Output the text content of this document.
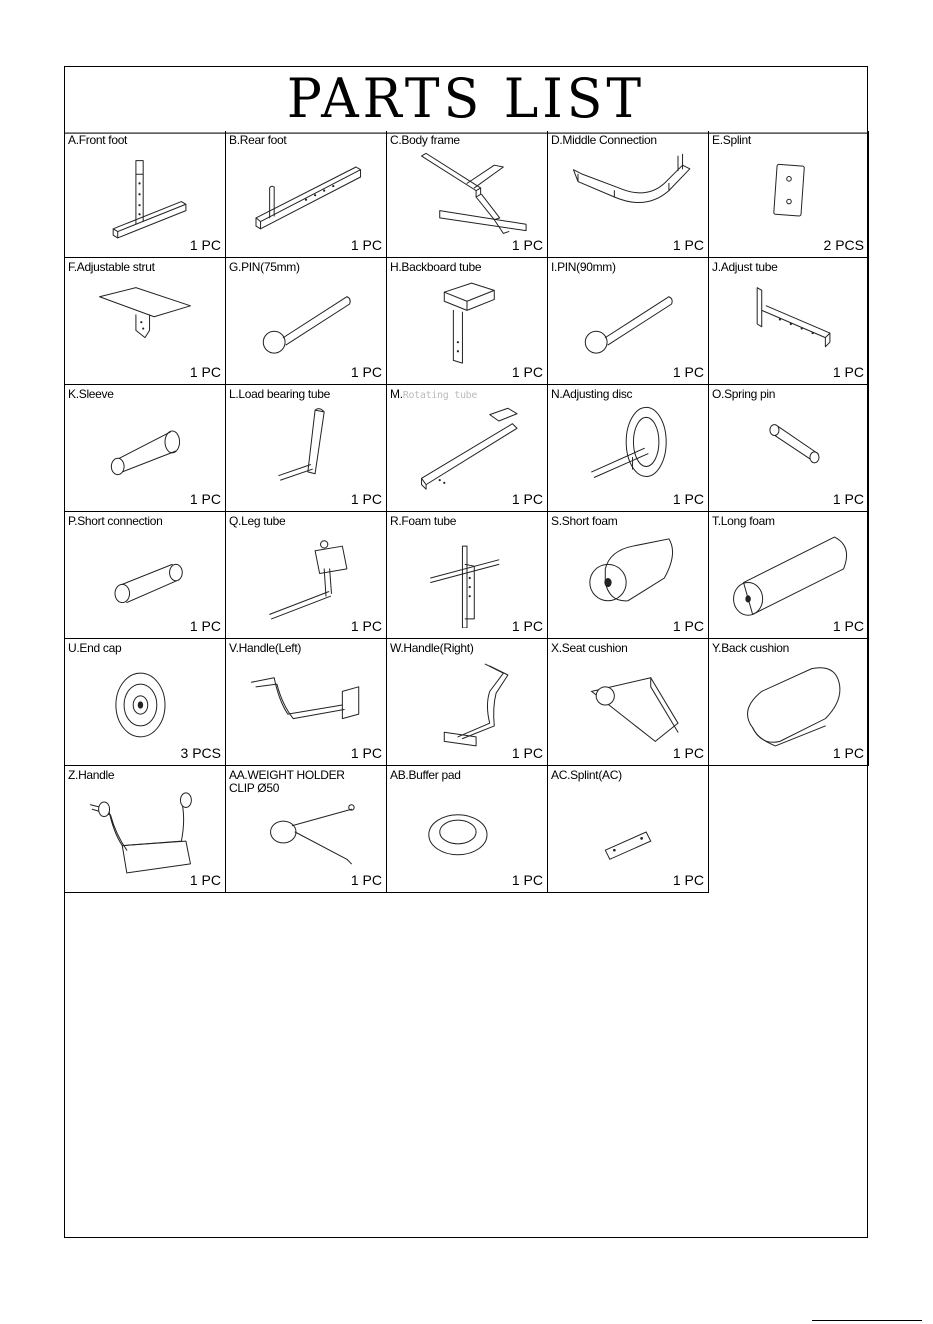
PARTS LIST
A.Front foot
1 PC
B.Rear foot
1 PC
C.Body frame
1 PC
D.Middle Connection
1 PC
E.Splint
2 PCS
F.Adjustable strut
1 PC
G.PIN(75mm)
1 PC
H.Backboard tube
1 PC
I.PIN(90mm)
1 PC
J.Adjust tube
1 PC
K.Sleeve
1 PC
L.Load bearing tube
1 PC
M.Rotating tube
1 PC
N.Adjusting disc
1 PC
O.Spring pin
1 PC
P.Short connection
1 PC
Q.Leg tube
1 PC
R.Foam tube
1 PC
S.Short foam
1 PC
T.Long foam
1 PC
U.End cap
3 PCS
V.Handle(Left)
1 PC
W.Handle(Right)
1 PC
X.Seat cushion
1 PC
Y.Back cushion
1 PC
Z.Handle
1 PC
AA.WEIGHT HOLDER
CLIP Ø50
1 PC
AB.Buffer pad
1 PC
AC.Splint(AC)
1 PC
